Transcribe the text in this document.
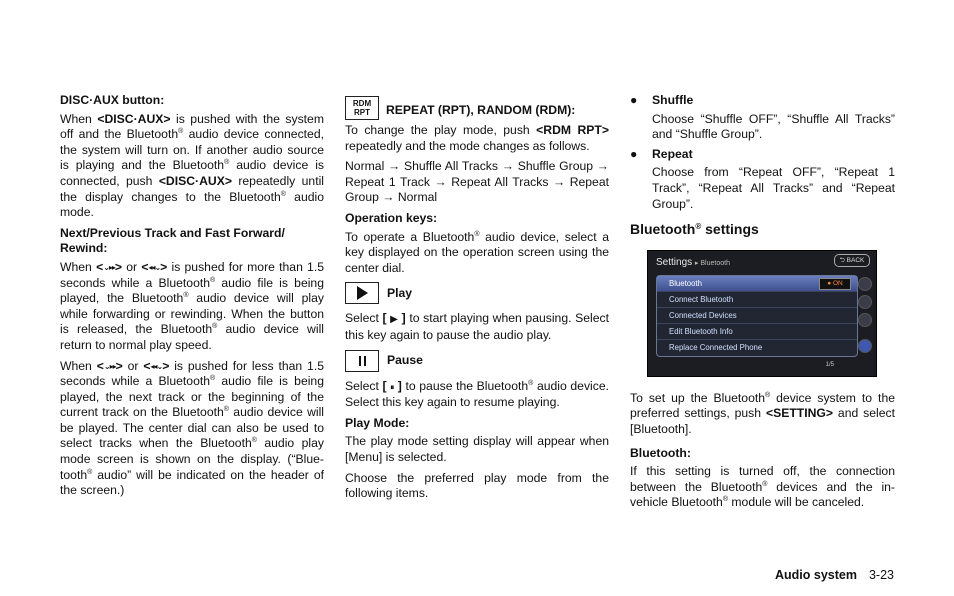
DISC·AUX button:

When <DISC·AUX> is pushed with the system off and the Bluetooth® audio device connected, the system will turn on. If another audio source is playing and the Bluetooth® audio device is connected, push <DISC·AUX> repeatedly until the display changes to the Bluetooth® audio mode.

Next/Previous Track and Fast Forward/ Rewind:

When <⌄▸▸> or <◂◂⌄> is pushed for more than 1.5 seconds while a Bluetooth® audio file is being played, the Bluetooth® audio device will play while forwarding or rewinding. When the button is released, the Bluetooth® audio device will return to normal play speed.

When <⌄▸▸> or <◂◂⌄> is pushed for less than 1.5 seconds while a Bluetooth® audio file is being played, the next track or the beginning of the current track on the Bluetooth® audio device will be played. The center dial can also be used to select tracks when the Bluetooth® audio play mode screen is shown on the display. (“Blue-tooth® audio” will be indicated on the header of the screen.)

RDM
RPT REPEAT (RPT), RANDOM (RDM):

To change the play mode, push <RDM RPT> repeatedly and the mode changes as follows.

Normal → Shuffle All Tracks → Shuffle Group → Repeat 1 Track → Repeat All Tracks → Repeat Group → Normal

Operation keys:

To operate a Bluetooth® audio device, select a key displayed on the operation screen using the center dial.

Play

Select [ ▶ ] to start playing when pausing. Select this key again to pause the audio play.

Pause

Select [ ⏸ ] to pause the Bluetooth® audio device. Select this key again to resume playing.

Play Mode:

The play mode setting display will appear when [Menu] is selected.

Choose the preferred play mode from the following items.

● Shuffle

Choose “Shuffle OFF”, “Shuffle All Tracks” and “Shuffle Group”.

● Repeat

Choose from “Repeat OFF”, “Repeat 1 Track”, “Repeat All Tracks” and “Repeat Group”.

Bluetooth® settings
Settings ▸ Bluetooth	⮌ BACK
Bluetooth	● ON
Connect Bluetooth
Connected Devices
Edit Bluetooth Info
Replace Connected Phone
1/5

To set up the Bluetooth® device system to the preferred settings, push <SETTING> and select [Bluetooth].

Bluetooth:

If this setting is turned off, the connection between the Bluetooth® devices and the in-vehicle Bluetooth® module will be canceled.

Audio system 3-23
